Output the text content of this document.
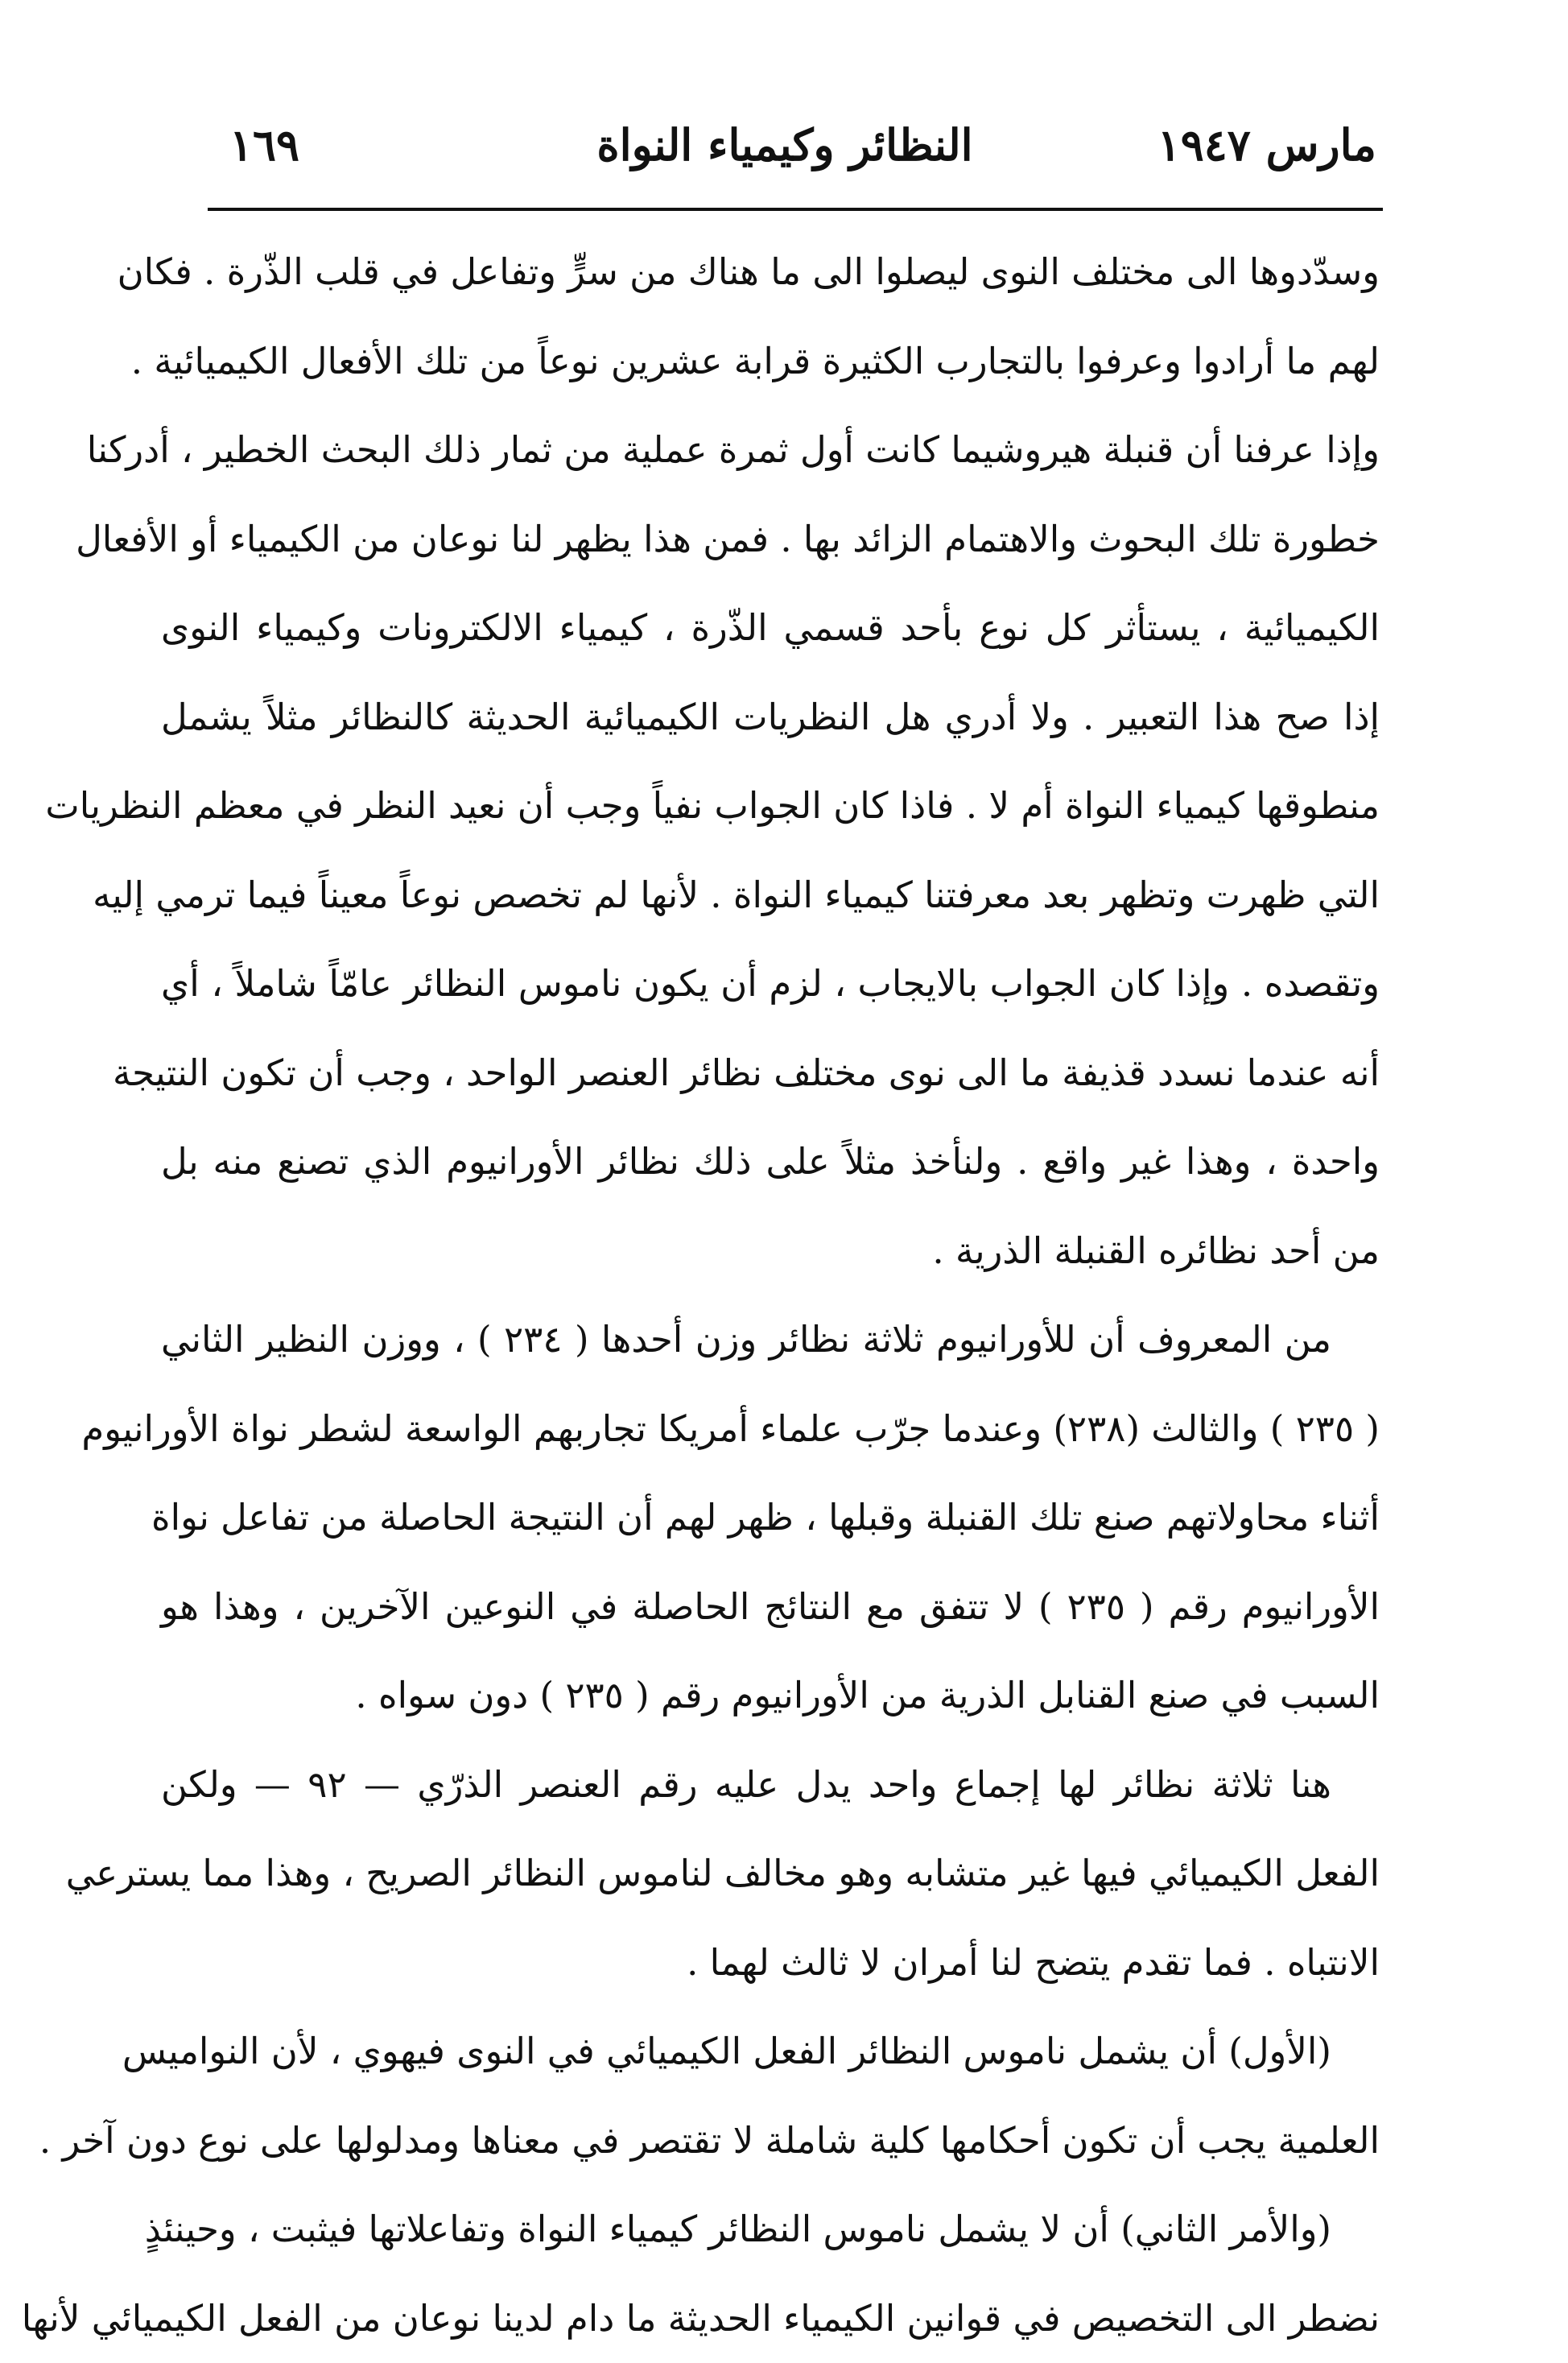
مارس ١٩٤٧
النظائر وكيمياء النواة
١٦٩
وسدّدوها الى مختلف النوى ليصلوا الى ما هناك من سرٍّ وتفاعل في قلب الذّرة . فكان
لهم ما أرادوا وعرفوا بالتجارب الكثيرة قرابة عشرين نوعاً من تلك الأفعال الكيميائية .
وإذا عرفنا أن قنبلة هيروشيما كانت أول ثمرة عملية من ثمار ذلك البحث الخطير ، أدركنا
خطورة تلك البحوث والاهتمام الزائد بها . فمن هذا يظهر لنا نوعان من الكيمياء أو الأفعال
الكيميائية ، يستأثر كل نوع بأحد قسمي الذّرة ، كيمياء الالكترونات وكيمياء النوى
إذا صح هذا التعبير . ولا أدري هل النظريات الكيميائية الحديثة كالنظائر مثلاً يشمل
منطوقها كيمياء النواة أم لا . فاذا كان الجواب نفياً وجب أن نعيد النظر في معظم النظريات
التي ظهرت وتظهر بعد معرفتنا كيمياء النواة . لأنها لم تخصص نوعاً معيناً فيما ترمي إليه
وتقصده . وإذا كان الجواب بالايجاب ، لزم أن يكون ناموس النظائر عامّاً شاملاً ، أي
أنه عندما نسدد قذيفة ما الى نوى مختلف نظائر العنصر الواحد ، وجب أن تكون النتيجة
واحدة ، وهذا غير واقع . ولنأخذ مثلاً على ذلك نظائر الأورانيوم الذي تصنع منه بل
من أحد نظائره القنبلة الذرية .
من المعروف أن للأورانيوم ثلاثة نظائر وزن أحدها ( ٢٣٤ ) ، ووزن النظير الثاني
( ٢٣٥ ) والثالث (٢٣٨) وعندما جرّب علماء أمريكا تجاربهم الواسعة لشطر نواة الأورانيوم
أثناء محاولاتهم صنع تلك القنبلة وقبلها ، ظهر لهم أن النتيجة الحاصلة من تفاعل نواة
الأورانيوم رقم ( ٢٣٥ ) لا تتفق مع النتائج الحاصلة في النوعين الآخرين ، وهذا هو
السبب في صنع القنابل الذرية من الأورانيوم رقم ( ٢٣٥ ) دون سواه .
هنا ثلاثة نظائر لها إجماع واحد يدل عليه رقم العنصر الذرّي — ٩٢ — ولكن
الفعل الكيميائي فيها غير متشابه وهو مخالف لناموس النظائر الصريح ، وهذا مما يسترعي
الانتباه . فما تقدم يتضح لنا أمران لا ثالث لهما .
(الأول) أن يشمل ناموس النظائر الفعل الكيميائي في النوى فيهوي ، لأن النواميس
العلمية يجب أن تكون أحكامها كلية شاملة لا تقتصر في معناها ومدلولها على نوع دون آخر .
(والأمر الثاني) أن لا يشمل ناموس النظائر كيمياء النواة وتفاعلاتها فيثبت ، وحينئذٍ
نضطر الى التخصيص في قوانين الكيمياء الحديثة ما دام لدينا نوعان من الفعل الكيميائي لأنها
